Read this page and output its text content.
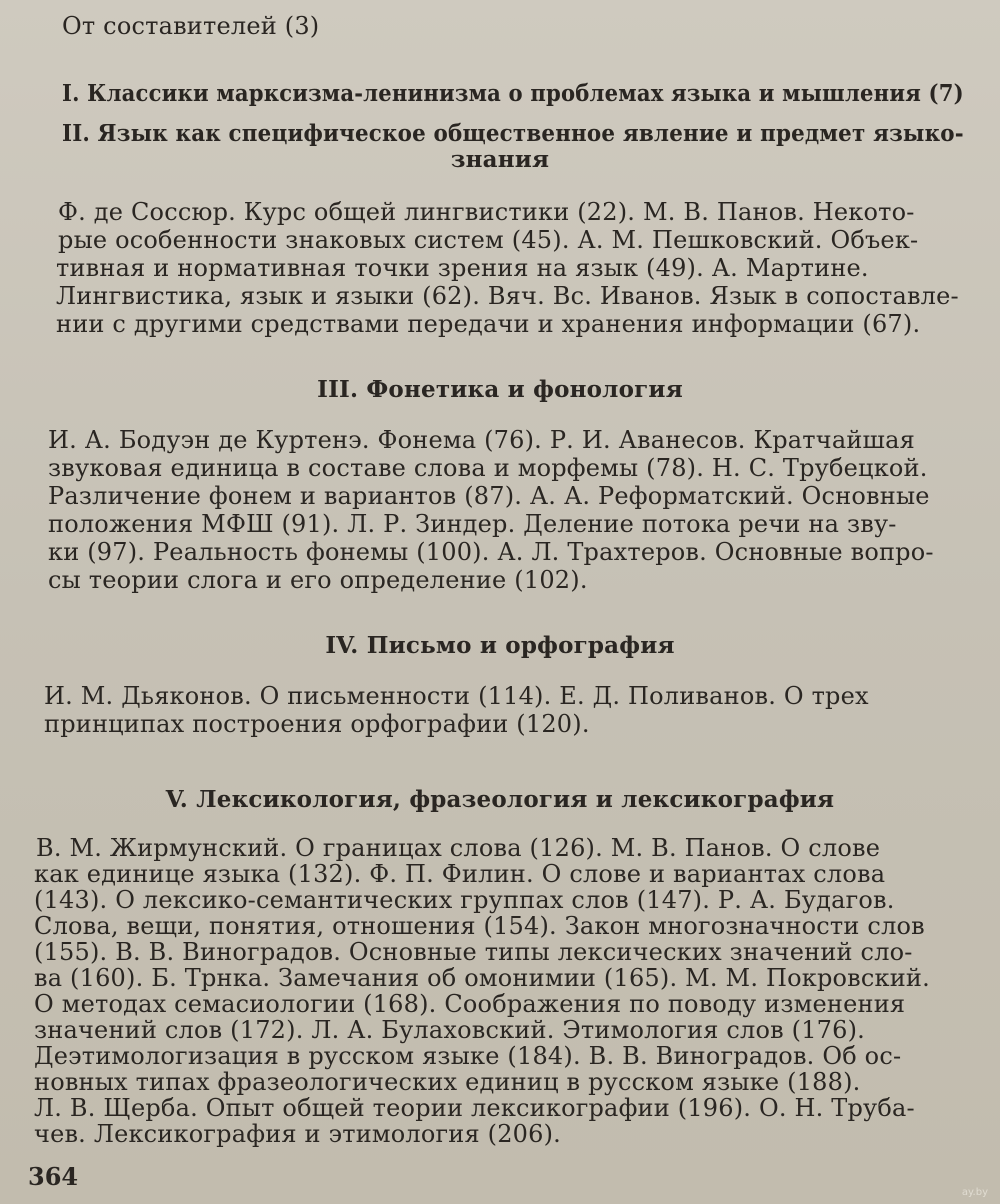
От составителей (3)
I. Классики марксизма-ленинизма о проблемах языка и мышления (7)
II. Язык как специфическое общественное явление и предмет языко-
знания
Ф. де Соссюр. Курс общей лингвистики (22). М. В. Панов. Некото-
рые особенности знаковых систем (45). А. М. Пешковский. Объек-
тивная и нормативная точки зрения на язык (49). А. Мартине.
Лингвистика, язык и языки (62). Вяч. Вс. Иванов. Язык в сопоставле-
нии с другими средствами передачи и хранения информации (67).
III. Фонетика и фонология
И. А. Бодуэн де Куртенэ. Фонема (76). Р. И. Аванесов. Кратчайшая
звуковая единица в составе слова и морфемы (78). Н. С. Трубецкой.
Различение фонем и вариантов (87). А. А. Реформатский. Основные
положения МФШ (91). Л. Р. Зиндер. Деление потока речи на зву-
ки (97). Реальность фонемы (100). А. Л. Трахтеров. Основные вопро-
сы теории слога и его определение (102).
IV. Письмо и орфография
И. М. Дьяконов. О письменности (114). Е. Д. Поливанов. О трех
принципах построения орфографии (120).
V. Лексикология, фразеология и лексикография
В. М. Жирмунский. О границах слова (126). М. В. Панов. О слове
как единице языка (132). Ф. П. Филин. О слове и вариантах слова
(143). О лексико-семантических группах слов (147). Р. А. Будагов.
Слова, вещи, понятия, отношения (154). Закон многозначности слов
(155). В. В. Виноградов. Основные типы лексических значений сло-
ва (160). Б. Трнка. Замечания об омонимии (165). М. М. Покровский.
О методах семасиологии (168). Соображения по поводу изменения
значений слов (172). Л. А. Булаховский. Этимология слов (176).
Деэтимологизация в русском языке (184). В. В. Виноградов. Об ос-
новных типах фразеологических единиц в русском языке (188).
Л. В. Щерба. Опыт общей теории лексикографии (196). О. Н. Труба-
чев. Лексикография и этимология (206).
364
ay.by
